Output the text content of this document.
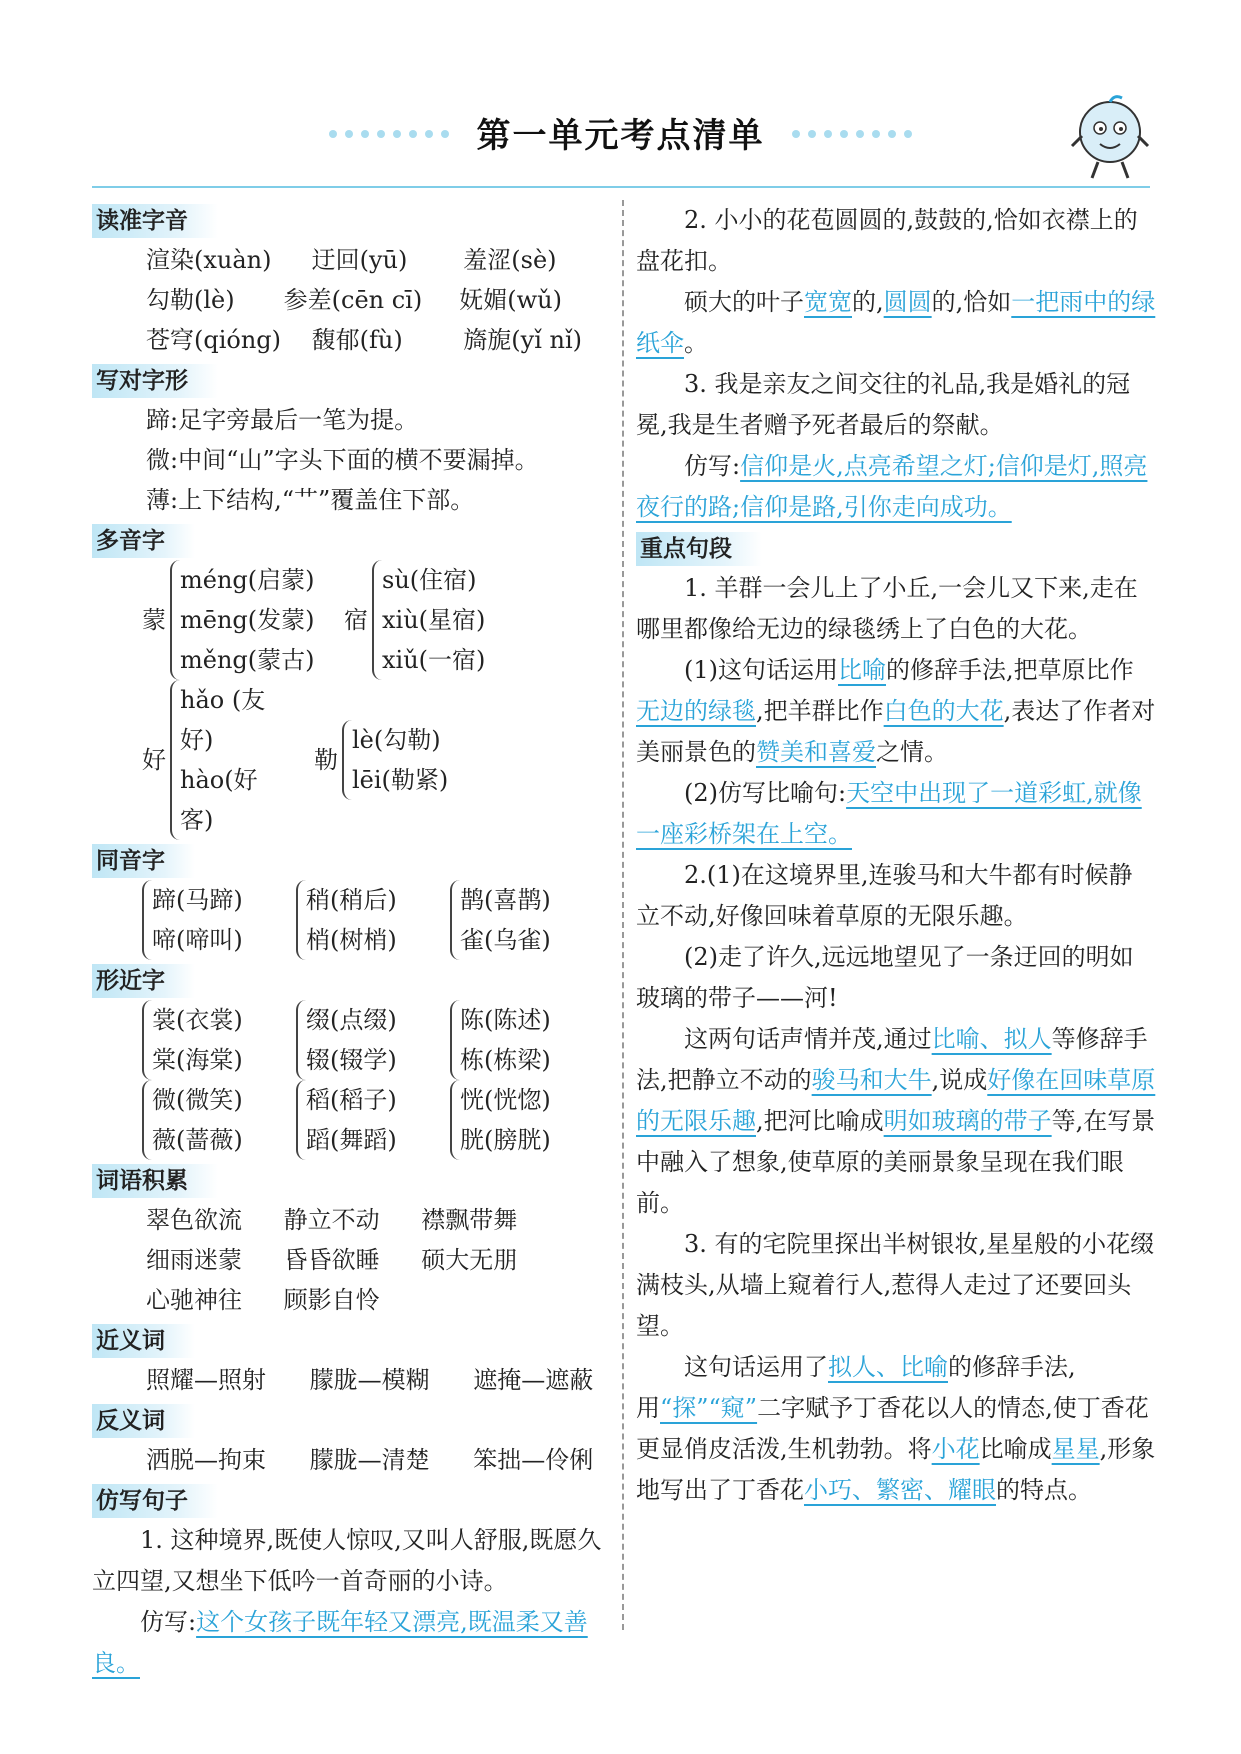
第一单元考点清单
读准字音
渲染(xuàn) 迂回(yū) 羞涩(sè)
勾勒(lè) 参差(cēn cī) 妩媚(wǔ)
苍穹(qióng) 馥郁(fù)	旖旎(yǐ nǐ)
写对字形
蹄:足字旁最后一笔为提。
微:中间“山”字头下面的横不要漏掉。
薄:上下结构,“艹”覆盖住下部。
多音字
蒙
méng(启蒙)
mēng(发蒙)
měng(蒙古)
宿
sù(住宿)
xiù(星宿)
xiǔ(一宿)
好
hǎo (友好)
hào(好客)
勒
lè(勾勒)
lēi(勒紧)
同音字
蹄(马蹄)
啼(啼叫)
稍(稍后)
梢(树梢)
鹊(喜鹊)
雀(乌雀)
形近字
裳(衣裳)
棠(海棠)
缀(点缀)
辍(辍学)
陈(陈述)
栋(栋梁)
微(微笑)
薇(蔷薇)
稻(稻子)
蹈(舞蹈)
恍(恍惚)
胱(膀胱)
词语积累
翠色欲流 静立不动 襟飘带舞
细雨迷蒙 昏昏欲睡 硕大无朋
心驰神往 顾影自怜
近义词
照耀—照射 朦胧—模糊 遮掩—遮蔽
反义词
洒脱—拘束 朦胧—清楚 笨拙—伶俐
仿写句子

1. 这种境界,既使人惊叹,又叫人舒服,既愿久立四望,又想坐下低吟一首奇丽的小诗。

仿写:这个女孩子既年轻又漂亮,既温柔又善良。

2. 小小的花苞圆圆的,鼓鼓的,恰如衣襟上的盘花扣。

硕大的叶子宽宽的,圆圆的,恰如一把雨中的绿纸伞。

3. 我是亲友之间交往的礼品,我是婚礼的冠冕,我是生者赠予死者最后的祭献。

仿写:信仰是火,点亮希望之灯;信仰是灯,照亮夜行的路;信仰是路,引你走向成功。

重点句段

1. 羊群一会儿上了小丘,一会儿又下来,走在哪里都像给无边的绿毯绣上了白色的大花。

(1)这句话运用比喻的修辞手法,把草原比作无边的绿毯,把羊群比作白色的大花,表达了作者对美丽景色的赞美和喜爱之情。

(2)仿写比喻句:天空中出现了一道彩虹,就像一座彩桥架在上空。

2.(1)在这境界里,连骏马和大牛都有时候静立不动,好像回味着草原的无限乐趣。

(2)走了许久,远远地望见了一条迂回的明如玻璃的带子——河!

这两句话声情并茂,通过比喻、拟人等修辞手法,把静立不动的骏马和大牛,说成好像在回味草原的无限乐趣,把河比喻成明如玻璃的带子等,在写景中融入了想象,使草原的美丽景象呈现在我们眼前。

3. 有的宅院里探出半树银妆,星星般的小花缀满枝头,从墙上窥着行人,惹得人走过了还要回头望。

这句话运用了拟人、比喻的修辞手法,用“探”“窥”二字赋予丁香花以人的情态,使丁香花更显俏皮活泼,生机勃勃。将小花比喻成星星,形象地写出了丁香花小巧、繁密、耀眼的特点。
